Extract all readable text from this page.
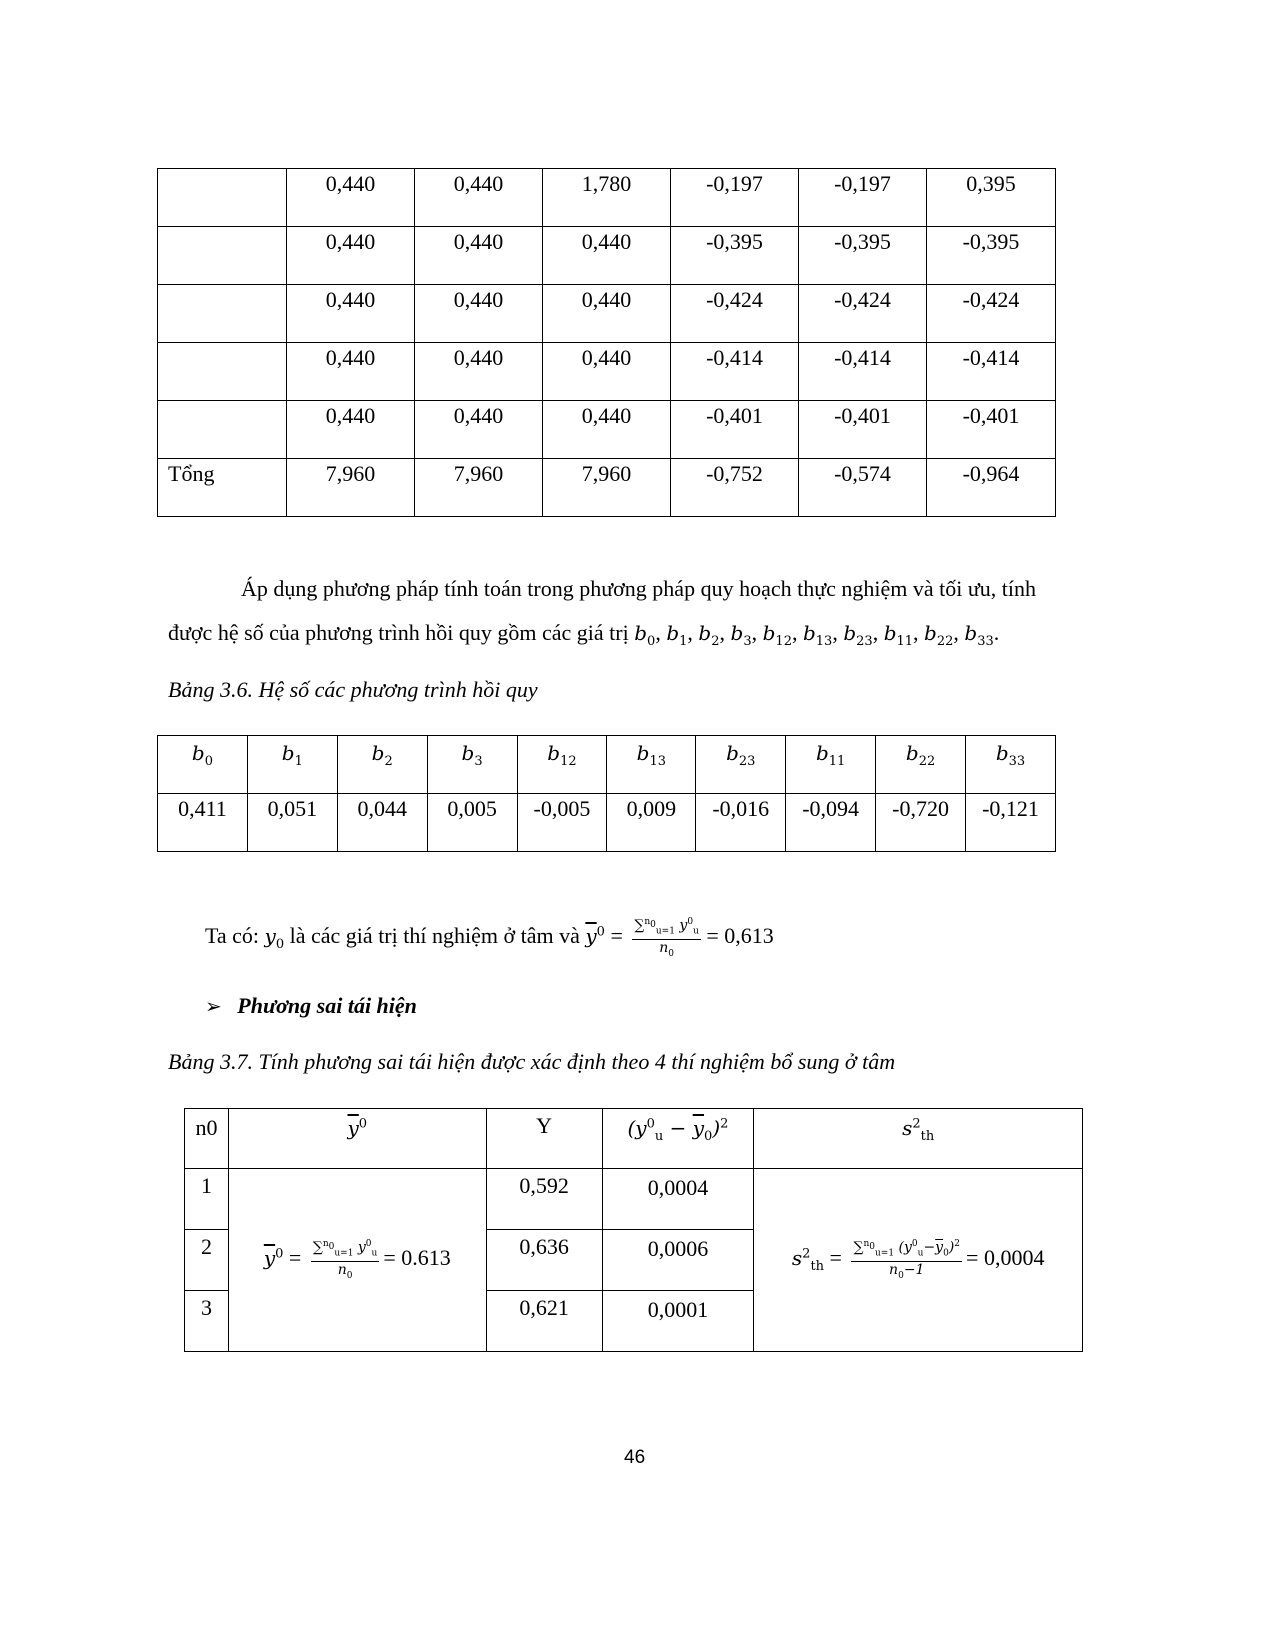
	0,440	0,440	1,780	-0,197	-0,197	0,395
	0,440	0,440	0,440	-0,395	-0,395	-0,395
	0,440	0,440	0,440	-0,424	-0,424	-0,424
	0,440	0,440	0,440	-0,414	-0,414	-0,414
	0,440	0,440	0,440	-0,401	-0,401	-0,401
Tổng	7,960	7,960	7,960	-0,752	-0,574	-0,964
Áp dụng phương pháp tính toán trong phương pháp quy hoạch thực nghiệm và tối ưu, tính
được hệ số của phương trình hồi quy gồm các giá trị $b_0$, $b_1$, $b_2$, $b_3$, $b_{12}$, $b_{13}$, $b_{23}$, $b_{11}$, $b_{22}$, $b_{33}$.
Bảng 3.6. Hệ số các phương trình hồi quy
$b_0$	$b_1$	$b_2$	$b_3$	$b_{12}$	$b_{13}$	$b_{23}$	$b_{11}$	$b_{22}$	$b_{33}$
0,411	0,051	0,044	0,005	-0,005	0,009	-0,016	-0,094	-0,720	-0,121
Ta có: $y_0$ là các giá trị thí nghiệm ở tâm và $\overline{y}^0 = \frac{\sum^{n_0}_{u=1} y^0_u}{n_0} = 0,613$
➢ Phương sai tái hiện
Bảng 3.7. Tính phương sai tái hiện được xác định theo 4 thí nghiệm bổ sung ở tâm
n0	$\overline{y}^0$	Y	$(y^0_u - \overline{y}_0)^2$	$s^2_{th}$
1	$\overline{y}^0 = \frac{\sum^{n_0}_{u=1} y^0_u}{n_0} = 0.613$	0,592	0,0004	$s^2_{th} = \frac{\sum^{n_0}_{u=1} (y^0_u-\overline{y}_0)^2}{n_0-1} = 0,0004$
2		0,636	0,0006	
3		0,621	0,0001	
46
